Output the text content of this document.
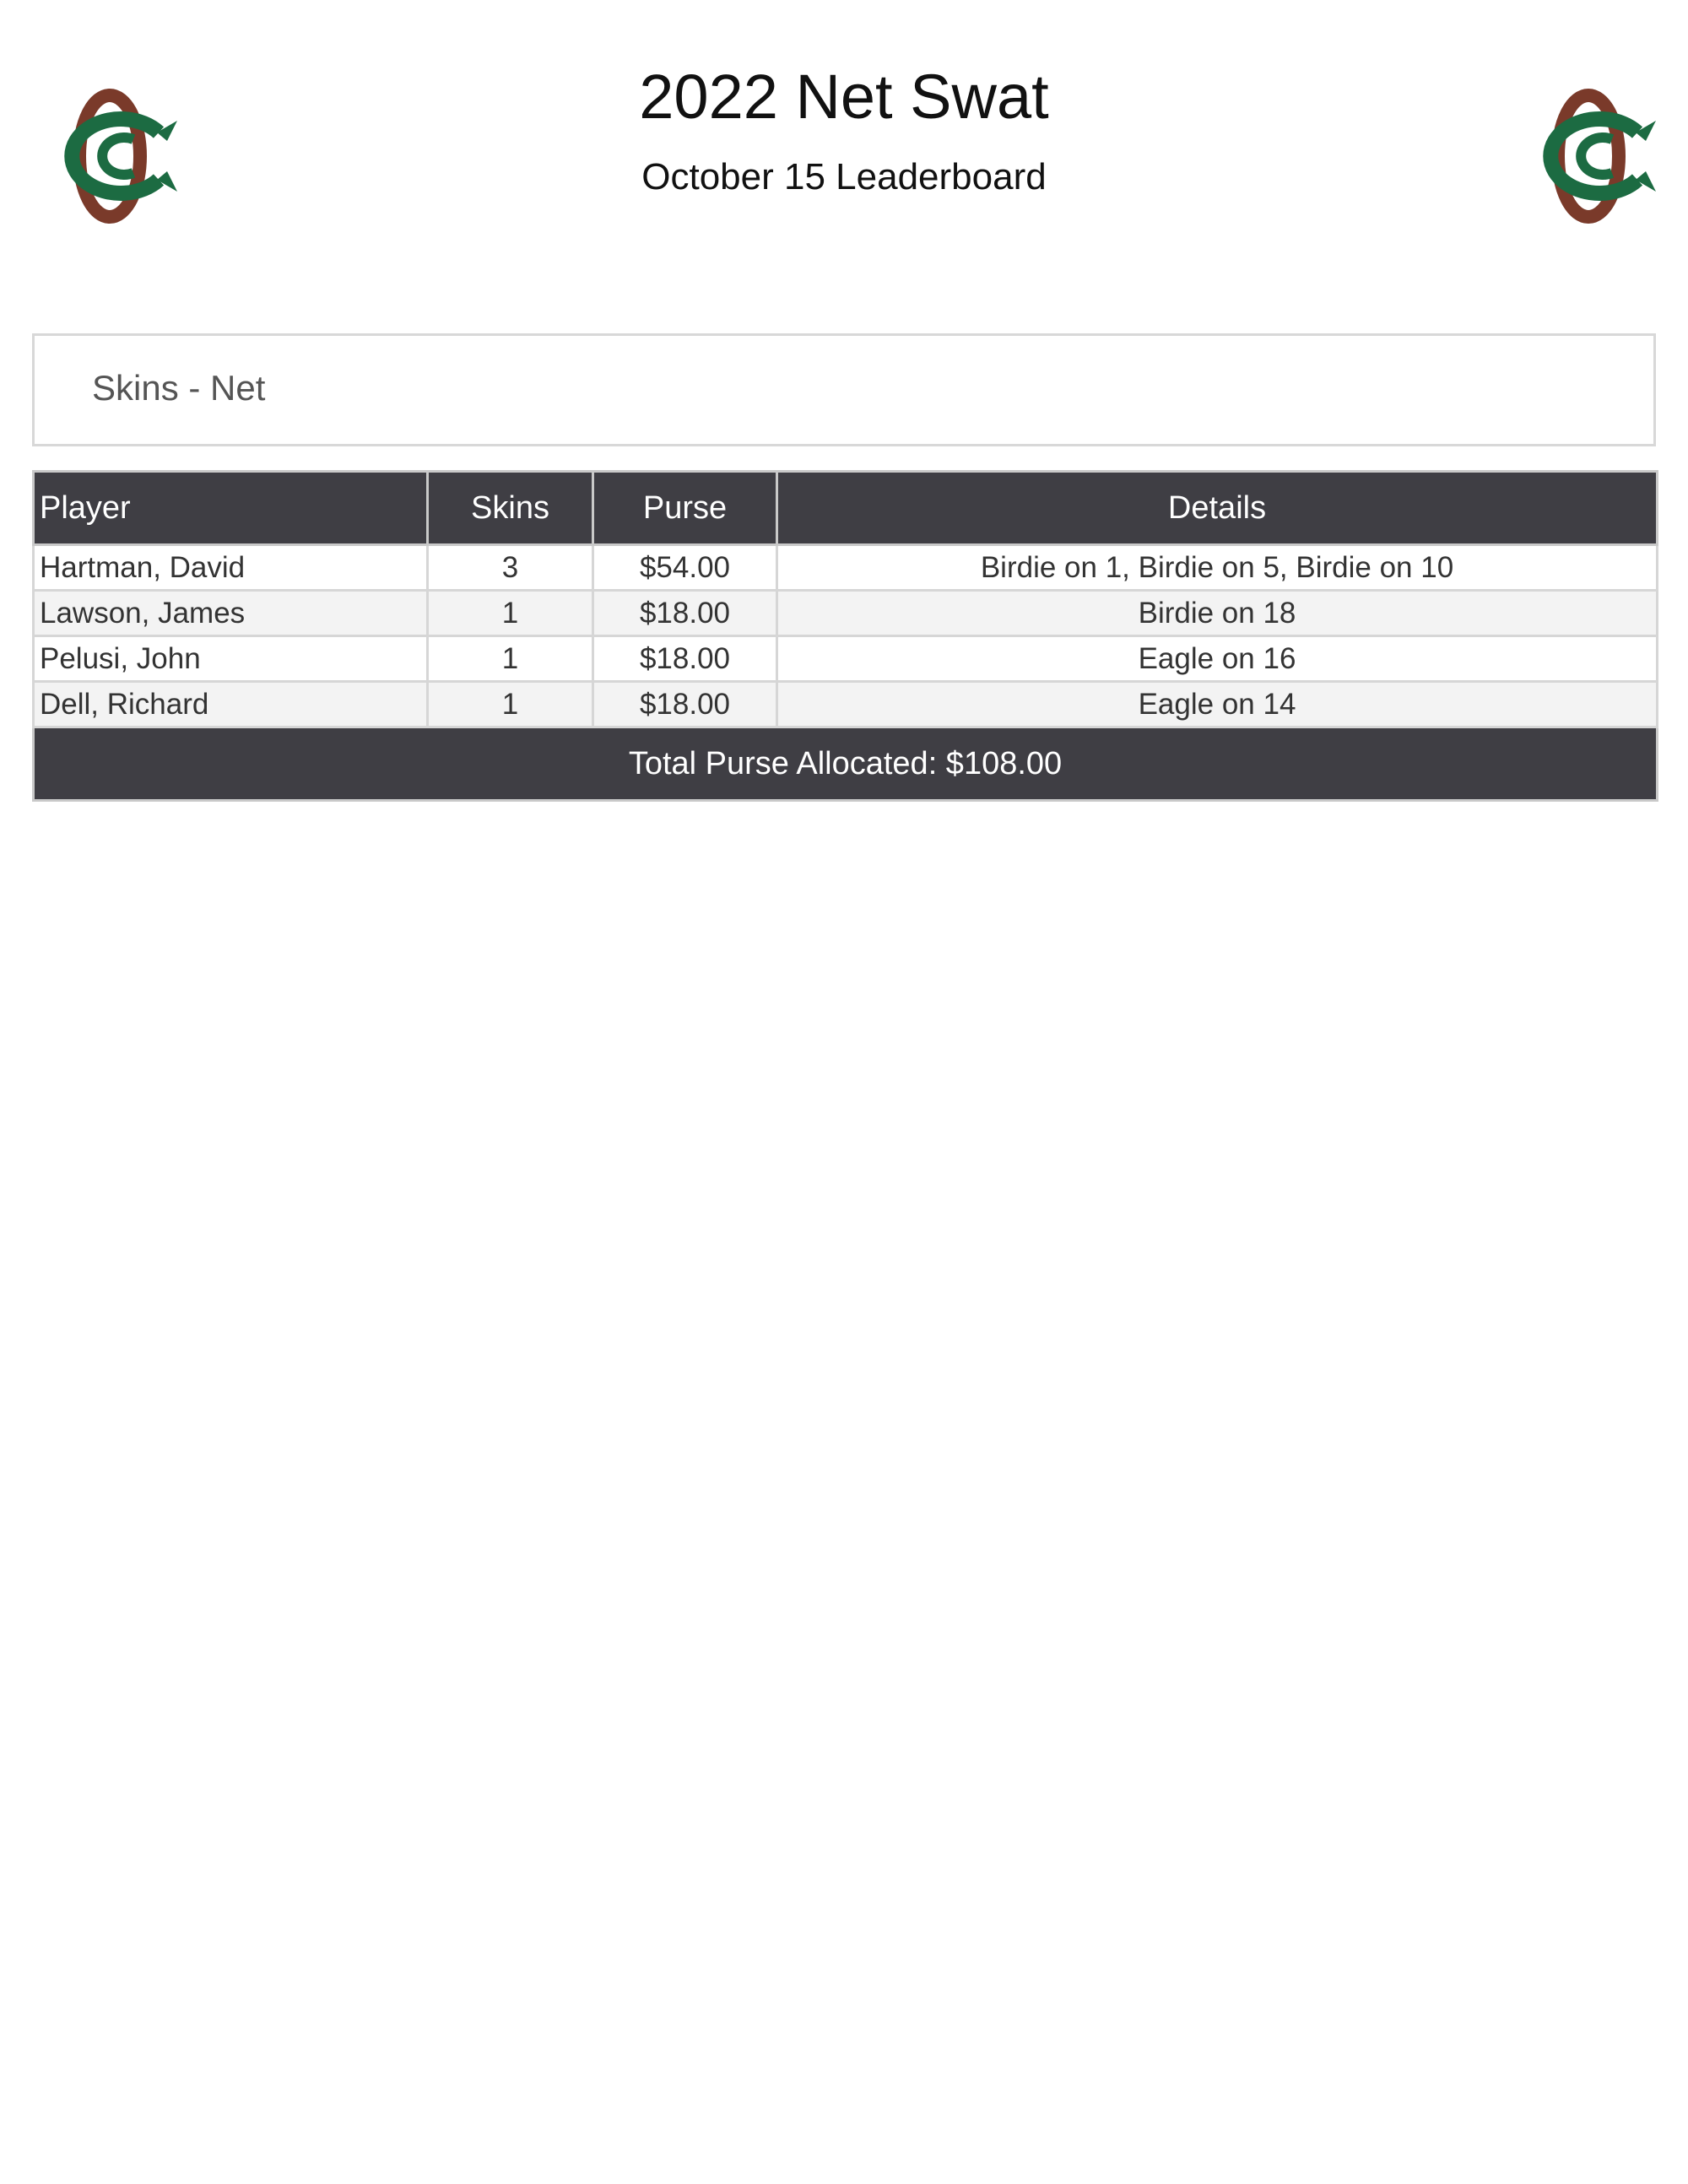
2022 Net Swat
October 15 Leaderboard
Skins - Net
Player	Skins	Purse	Details
Hartman, David	3	$54.00	Birdie on 1, Birdie on 5, Birdie on 10
Lawson, James	1	$18.00	Birdie on 18
Pelusi, John	1	$18.00	Eagle on 16
Dell, Richard	1	$18.00	Eagle on 14
Total Purse Allocated: $108.00			
